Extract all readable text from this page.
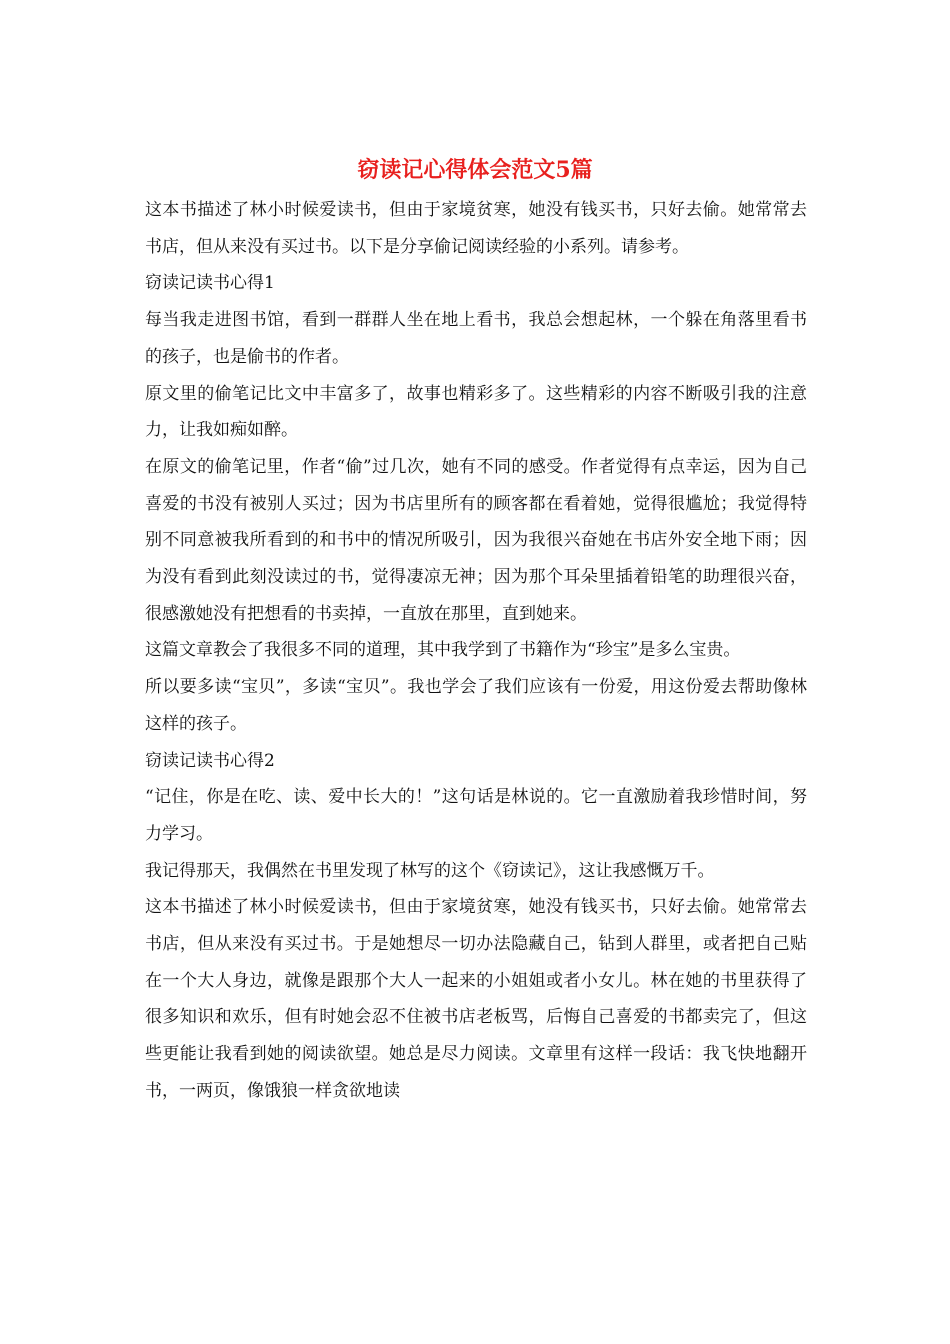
窃读记心得体会范文5篇

这本书描述了林小时候爱读书，但由于家境贫寒，她没有钱买书，只好去偷。她常常去书店，但从来没有买过书。以下是分享偷记阅读经验的小系列。请参考。

窃读记读书心得1

每当我走进图书馆，看到一群群人坐在地上看书，我总会想起林，一个躲在角落里看书的孩子，也是偷书的作者。

原文里的偷笔记比文中丰富多了，故事也精彩多了。这些精彩的内容不断吸引我的注意力，让我如痴如醉。

在原文的偷笔记里，作者“偷”过几次，她有不同的感受。作者觉得有点幸运，因为自己喜爱的书没有被别人买过；因为书店里所有的顾客都在看着她，觉得很尴尬；我觉得特别不同意被我所看到的和书中的情况所吸引，因为我很兴奋她在书店外安全地下雨；因为没有看到此刻没读过的书，觉得凄凉无神；因为那个耳朵里插着铅笔的助理很兴奋，很感激她没有把想看的书卖掉，一直放在那里，直到她来。

这篇文章教会了我很多不同的道理，其中我学到了书籍作为“珍宝”是多么宝贵。

所以要多读“宝贝”，多读“宝贝”。我也学会了我们应该有一份爱，用这份爱去帮助像林这样的孩子。

窃读记读书心得2

“记住，你是在吃、读、爱中长大的！”这句话是林说的。它一直激励着我珍惜时间，努力学习。

我记得那天，我偶然在书里发现了林写的这个《窃读记》，这让我感慨万千。

这本书描述了林小时候爱读书，但由于家境贫寒，她没有钱买书，只好去偷。她常常去书店，但从来没有买过书。于是她想尽一切办法隐藏自己，钻到人群里，或者把自己贴在一个大人身边，就像是跟那个大人一起来的小姐姐或者小女儿。林在她的书里获得了很多知识和欢乐，但有时她会忍不住被书店老板骂，后悔自己喜爱的书都卖完了，但这些更能让我看到她的阅读欲望。她总是尽力阅读。文章里有这样一段话：我飞快地翻开书，一两页，像饿狼一样贪欲地读
